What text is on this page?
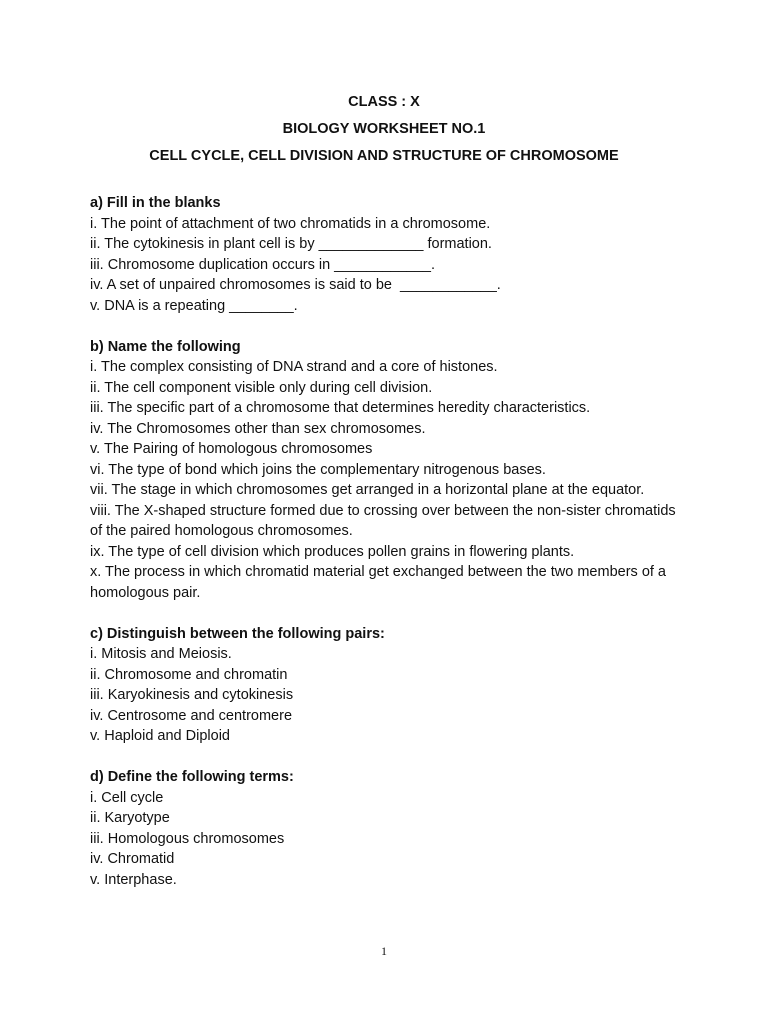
CLASS : X
BIOLOGY WORKSHEET NO.1
CELL CYCLE, CELL DIVISION AND STRUCTURE OF CHROMOSOME
a) Fill in the blanks
i. The point of attachment of two chromatids in a chromosome.
ii. The cytokinesis in plant cell is by _____________ formation.
iii. Chromosome duplication occurs in ____________.
iv. A set of unpaired chromosomes is said to be  ____________.
v. DNA is a repeating ________.
b) Name the following
i. The complex consisting of DNA strand and a core of histones.
ii. The cell component visible only during cell division.
iii. The specific part of a chromosome that determines heredity characteristics.
iv. The Chromosomes other than sex chromosomes.
v. The Pairing of homologous chromosomes
vi. The type of bond which joins the complementary nitrogenous bases.
vii. The stage in which chromosomes get arranged in a horizontal plane at the equator.
viii. The X-shaped structure formed due to crossing over between the non-sister chromatids of the paired homologous chromosomes.
ix. The type of cell division which produces pollen grains in flowering plants.
x. The process in which chromatid material get exchanged between the two members of a homologous pair.
c) Distinguish between the following pairs:
i. Mitosis and Meiosis.
ii. Chromosome and chromatin
iii. Karyokinesis and cytokinesis
iv. Centrosome and centromere
v. Haploid and Diploid
d) Define the following terms:
i. Cell cycle
ii. Karyotype
iii. Homologous chromosomes
iv. Chromatid
v. Interphase.
1
